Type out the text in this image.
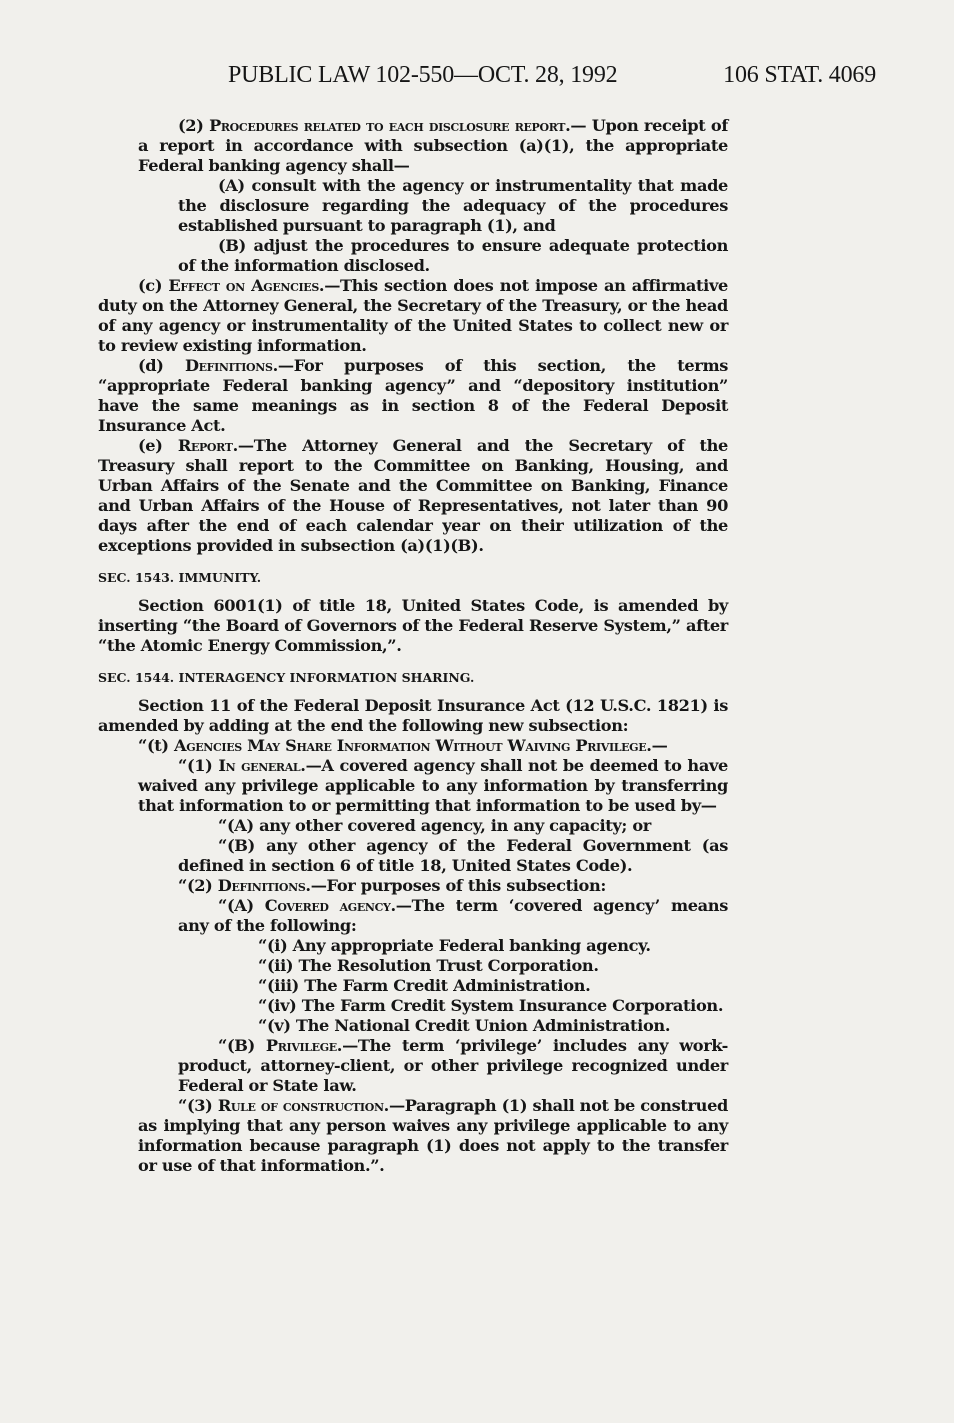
PUBLIC LAW 102-550—OCT. 28, 1992	106 STAT. 4069

(2) Procedures related to each disclosure report.— Upon receipt of a report in accordance with subsection (a)(1), the appropriate Federal banking agency shall—

(A) consult with the agency or instrumentality that made the disclosure regarding the adequacy of the procedures established pursuant to paragraph (1), and

(B) adjust the procedures to ensure adequate protection of the information disclosed.

(c) Effect on Agencies.—This section does not impose an affirmative duty on the Attorney General, the Secretary of the Treasury, or the head of any agency or instrumentality of the United States to collect new or to review existing information.

(d) Definitions.—For purposes of this section, the terms “appropriate Federal banking agency” and “depository institution” have the same meanings as in section 8 of the Federal Deposit Insurance Act.

(e) Report.—The Attorney General and the Secretary of the Treasury shall report to the Committee on Banking, Housing, and Urban Affairs of the Senate and the Committee on Banking, Finance and Urban Affairs of the House of Representatives, not later than 90 days after the end of each calendar year on their utilization of the exceptions provided in subsection (a)(1)(B).

SEC. 1543. IMMUNITY.

Section 6001(1) of title 18, United States Code, is amended by inserting “the Board of Governors of the Federal Reserve System,” after “the Atomic Energy Commission,”.

SEC. 1544. INTERAGENCY INFORMATION SHARING.

Section 11 of the Federal Deposit Insurance Act (12 U.S.C. 1821) is amended by adding at the end the following new subsection:

“(t) Agencies May Share Information Without Waiving Privilege.—

“(1) In general.—A covered agency shall not be deemed to have waived any privilege applicable to any information by transferring that information to or permitting that information to be used by—

“(A) any other covered agency, in any capacity; or

“(B) any other agency of the Federal Government (as defined in section 6 of title 18, United States Code).

“(2) Definitions.—For purposes of this subsection:

“(A) Covered agency.—The term ‘covered agency’ means any of the following:

“(i) Any appropriate Federal banking agency.

“(ii) The Resolution Trust Corporation.

“(iii) The Farm Credit Administration.

“(iv) The Farm Credit System Insurance Corporation.

“(v) The National Credit Union Administration.

“(B) Privilege.—The term ‘privilege’ includes any work-product, attorney-client, or other privilege recognized under Federal or State law.

“(3) Rule of construction.—Paragraph (1) shall not be construed as implying that any person waives any privilege applicable to any information because paragraph (1) does not apply to the transfer or use of that information.”.
